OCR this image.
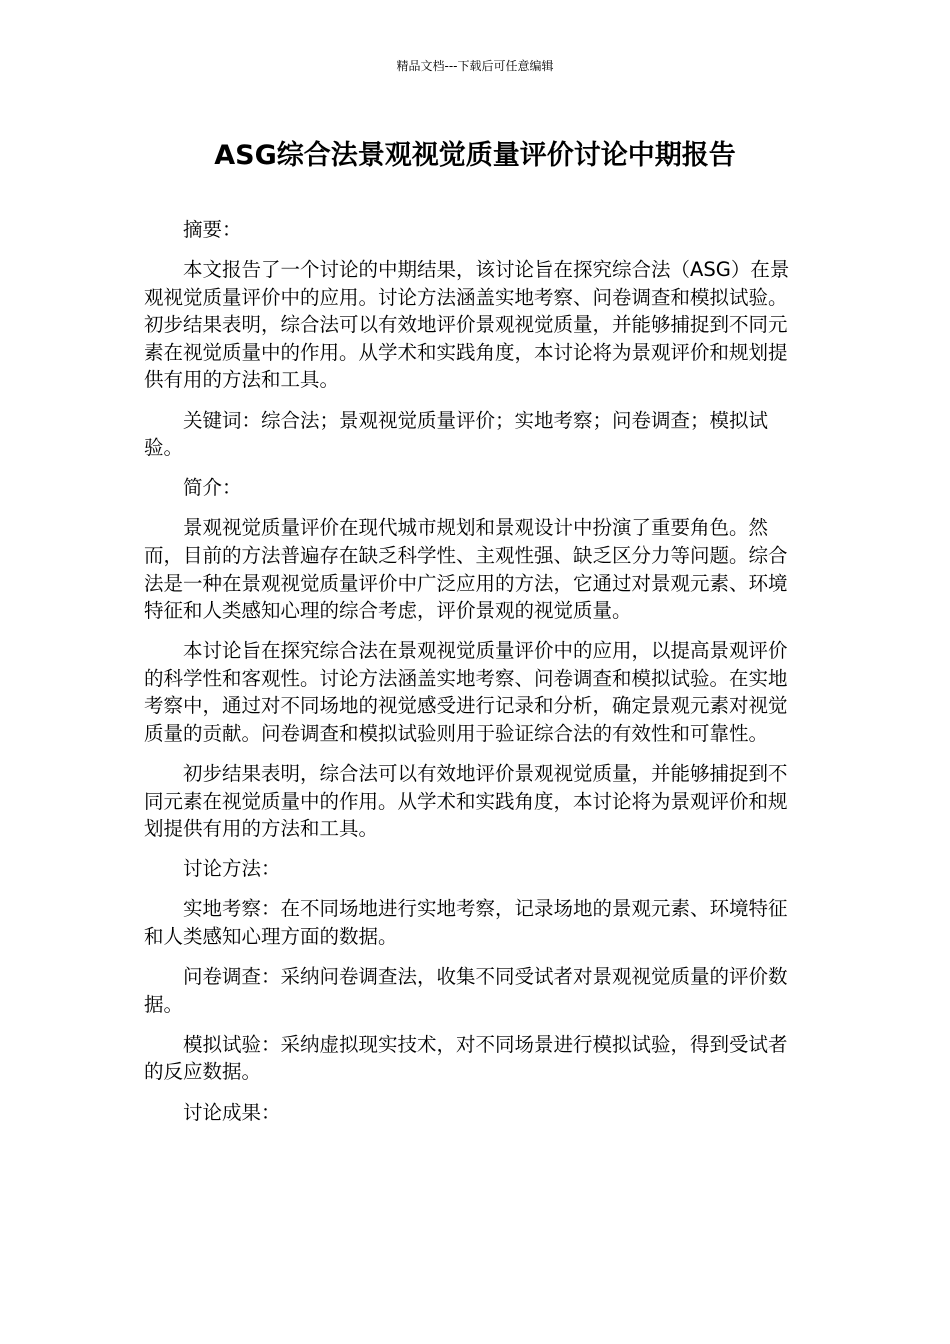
精品文档---下载后可任意编辑
ASG综合法景观视觉质量评价讨论中期报告

摘要：

本文报告了一个讨论的中期结果，该讨论旨在探究综合法（ASG）在景观视觉质量评价中的应用。讨论方法涵盖实地考察、问卷调查和模拟试验。初步结果表明，综合法可以有效地评价景观视觉质量，并能够捕捉到不同元素在视觉质量中的作用。从学术和实践角度，本讨论将为景观评价和规划提供有用的方法和工具。

关键词：综合法；景观视觉质量评价；实地考察；问卷调查；模拟试验。

简介：

景观视觉质量评价在现代城市规划和景观设计中扮演了重要角色。然而，目前的方法普遍存在缺乏科学性、主观性强、缺乏区分力等问题。综合法是一种在景观视觉质量评价中广泛应用的方法，它通过对景观元素、环境特征和人类感知心理的综合考虑，评价景观的视觉质量。

本讨论旨在探究综合法在景观视觉质量评价中的应用，以提高景观评价的科学性和客观性。讨论方法涵盖实地考察、问卷调查和模拟试验。在实地考察中，通过对不同场地的视觉感受进行记录和分析，确定景观元素对视觉质量的贡献。问卷调查和模拟试验则用于验证综合法的有效性和可靠性。

初步结果表明，综合法可以有效地评价景观视觉质量，并能够捕捉到不同元素在视觉质量中的作用。从学术和实践角度，本讨论将为景观评价和规划提供有用的方法和工具。

讨论方法：

实地考察：在不同场地进行实地考察，记录场地的景观元素、环境特征和人类感知心理方面的数据。

问卷调查：采纳问卷调查法，收集不同受试者对景观视觉质量的评价数据。

模拟试验：采纳虚拟现实技术，对不同场景进行模拟试验，得到受试者的反应数据。

讨论成果：
